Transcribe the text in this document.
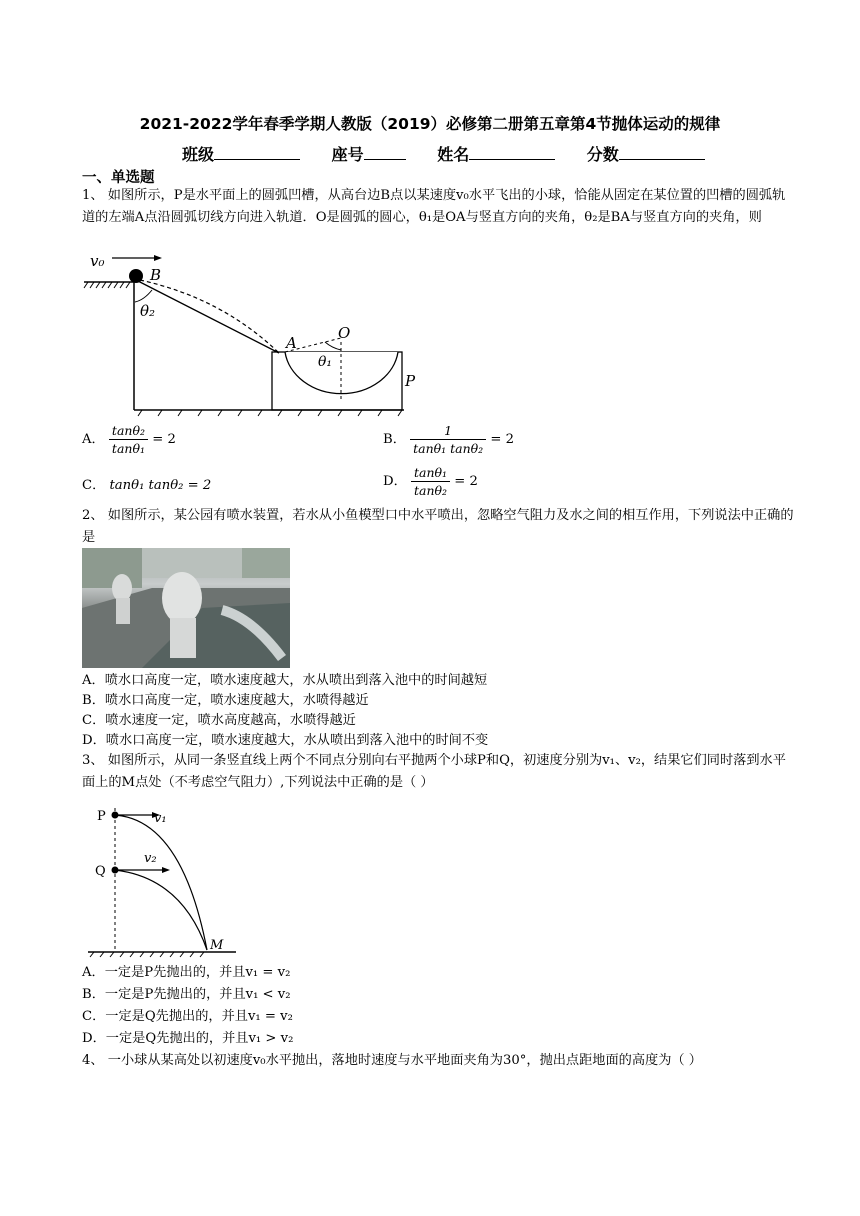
2021-2022学年春季学期人教版（2019）必修第二册第五章第4节抛体运动的规律
班级	座号	姓名	分数
一、单选题
1、 如图所示，P是水平面上的圆弧凹槽，从高台边B点以某速度v₀水平飞出的小球，恰能从固定在某位置的凹槽的圆弧轨道的左端A点沿圆弧切线方向进入轨道．O是圆弧的圆心，θ₁是OA与竖直方向的夹角，θ₂是BA与竖直方向的夹角，则
v₀
B
θ₂
A
O
θ₁
P
A． $\frac{\text{tanθ₂}}{\text{tanθ₁}} = 2$	B． $\frac{1}{\text{tanθ₁ tanθ₂}} = 2$
C． tanθ₁ tanθ₂ = 2	D． $\frac{\text{tanθ₁}}{\text{tanθ₂}} = 2$
2、 如图所示，某公园有喷水装置，若水从小鱼模型口中水平喷出，忽略空气阻力及水之间的相互作用，下列说法中正确的是
A．喷水口高度一定，喷水速度越大，水从喷出到落入池中的时间越短
B．喷水口高度一定，喷水速度越大，水喷得越近
C．喷水速度一定，喷水高度越高，水喷得越近
D．喷水口高度一定，喷水速度越大，水从喷出到落入池中的时间不变
3、 如图所示，从同一条竖直线上两个不同点分别向右平抛两个小球P和Q，初速度分别为v₁、v₂，结果它们同时落到水平面上的M点处（不考虑空气阻力）,下列说法中正确的是（ ）
P
Q
v₁
v₂
M
A．一定是P先抛出的，并且v₁ = v₂
B．一定是P先抛出的，并且v₁ < v₂
C．一定是Q先抛出的，并且v₁ = v₂
D．一定是Q先抛出的，并且v₁ > v₂
4、 一小球从某高处以初速度v₀水平抛出，落地时速度与水平地面夹角为30°，抛出点距地面的高度为（ ）
